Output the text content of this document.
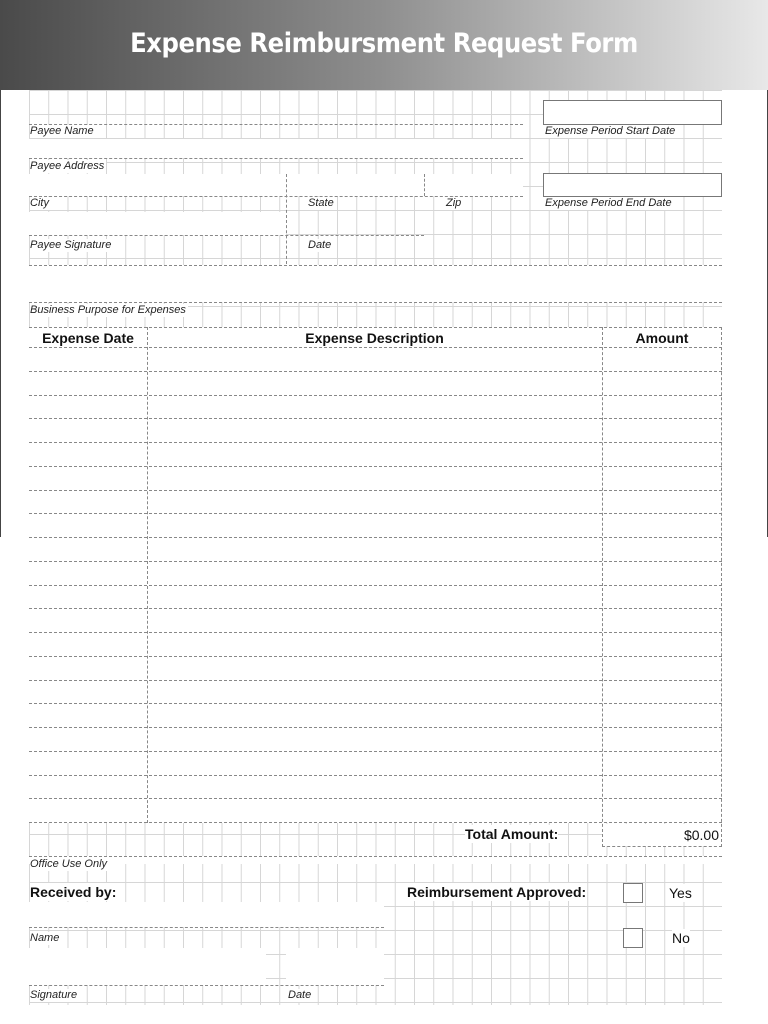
Expense Reimbursment Request Form
Payee Name
Payee Address
City	State	Zip
Payee Signature	Date
Expense Period Start Date
Expense Period End Date
Business Purpose for Expenses
Expense Date	Expense Description	Amount
Total Amount:	$0.00
Office Use Only
Received by:
Name
Signature	Date
Reimbursement Approved:	Yes
No
